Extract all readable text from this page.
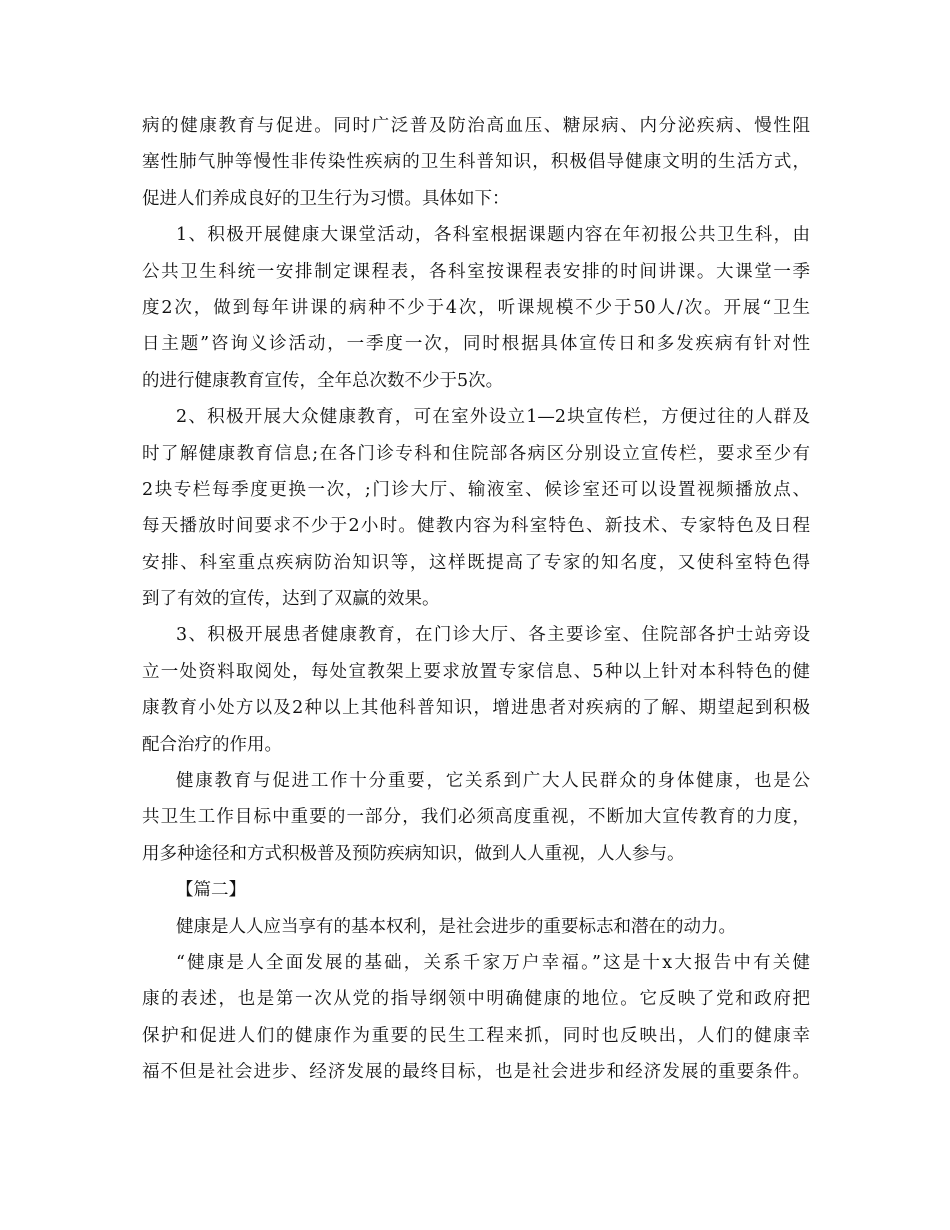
病的健康教育与促进。同时广泛普及防治高血压、糖尿病、内分泌疾病、慢性阻
塞性肺气肿等慢性非传染性疾病的卫生科普知识，积极倡导健康文明的生活方式，
促进人们养成良好的卫生行为习惯。具体如下：
1、积极开展健康大课堂活动，各科室根据课题内容在年初报公共卫生科，由
公共卫生科统一安排制定课程表，各科室按课程表安排的时间讲课。大课堂一季
度2次，做到每年讲课的病种不少于4次，听课规模不少于50人/次。开展“卫生
日主题”咨询义诊活动，一季度一次，同时根据具体宣传日和多发疾病有针对性
的进行健康教育宣传，全年总次数不少于5次。
2、积极开展大众健康教育，可在室外设立1—2块宣传栏，方便过往的人群及
时了解健康教育信息;在各门诊专科和住院部各病区分别设立宣传栏，要求至少有
2块专栏每季度更换一次，;门诊大厅、输液室、候诊室还可以设置视频播放点、
每天播放时间要求不少于2小时。健教内容为科室特色、新技术、专家特色及日程
安排、科室重点疾病防治知识等，这样既提高了专家的知名度，又使科室特色得
到了有效的宣传，达到了双赢的效果。
3、积极开展患者健康教育，在门诊大厅、各主要诊室、住院部各护士站旁设
立一处资料取阅处，每处宣教架上要求放置专家信息、5种以上针对本科特色的健
康教育小处方以及2种以上其他科普知识，增进患者对疾病的了解、期望起到积极
配合治疗的作用。
健康教育与促进工作十分重要，它关系到广大人民群众的身体健康，也是公
共卫生工作目标中重要的一部分，我们必须高度重视，不断加大宣传教育的力度，
用多种途径和方式积极普及预防疾病知识，做到人人重视，人人参与。
【篇二】
健康是人人应当享有的基本权利，是社会进步的重要标志和潜在的动力。
“健康是人全面发展的基础，关系千家万户幸福。”这是十x大报告中有关健
康的表述，也是第一次从党的指导纲领中明确健康的地位。它反映了党和政府把
保护和促进人们的健康作为重要的民生工程来抓，同时也反映出，人们的健康幸
福不但是社会进步、经济发展的最终目标，也是社会进步和经济发展的重要条件。
